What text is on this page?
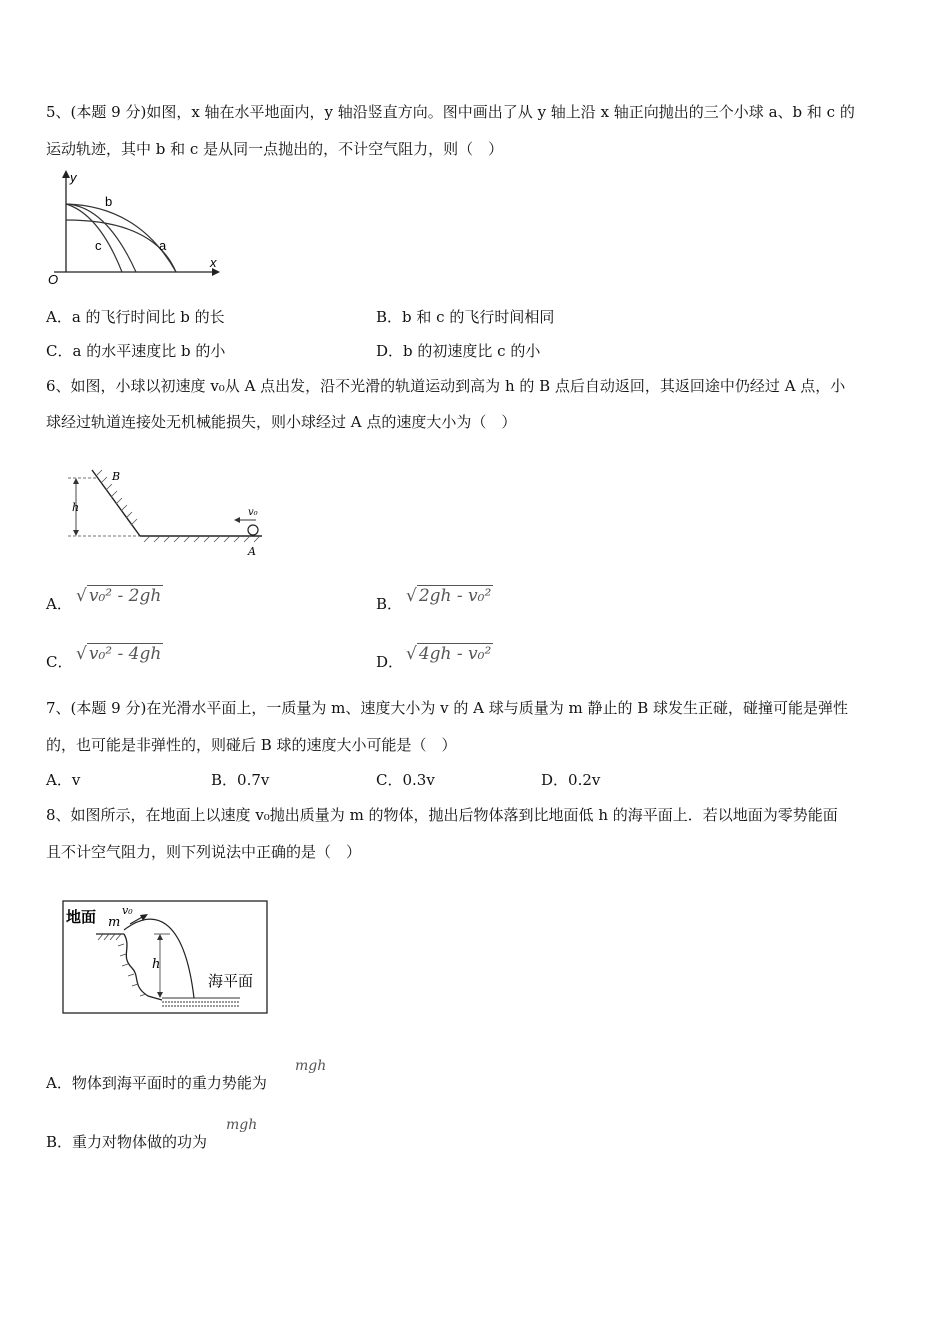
5、(本题 9 分)如图，x 轴在水平地面内，y 轴沿竖直方向。图中画出了从 y 轴上沿 x 轴正向抛出的三个小球 a、b 和 c 的
运动轨迹，其中 b 和 c 是从同一点抛出的，不计空气阻力，则（　）
y
x
O
b
c	a
A．a 的飞行时间比 b 的长	B．b 和 c 的飞行时间相同
C．a 的水平速度比 b 的小	D．b 的初速度比 c 的小
6、如图，小球以初速度 v₀从 A 点出发，沿不光滑的轨道运动到高为 h 的 B 点后自动返回，其返回途中仍经过 A 点，小
球经过轨道连接处无机械能损失，则小球经过 A 点的速度大小为（　）
h
B
v₀
A
A． √ v₀² - 2gh	B． √ 2gh - v₀²
C． √ v₀² - 4gh	D． √ 4gh - v₀²
7、(本题 9 分)在光滑水平面上，一质量为 m、速度大小为 v 的 A 球与质量为 m 静止的 B 球发生正碰，碰撞可能是弹性
的，也可能是非弹性的，则碰后 B 球的速度大小可能是（　）
A．v	B．0.7v	C．0.3v	D．0.2v
8、如图所示，在地面上以速度 v₀抛出质量为 m 的物体，抛出后物体落到比地面低 h 的海平面上．若以地面为零势能面
且不计空气阻力，则下列说法中正确的是（　）
地面 v₀
m
h
海平面
A．物体到海平面时的重力势能为
mgh
B．重力对物体做的功为
mgh
